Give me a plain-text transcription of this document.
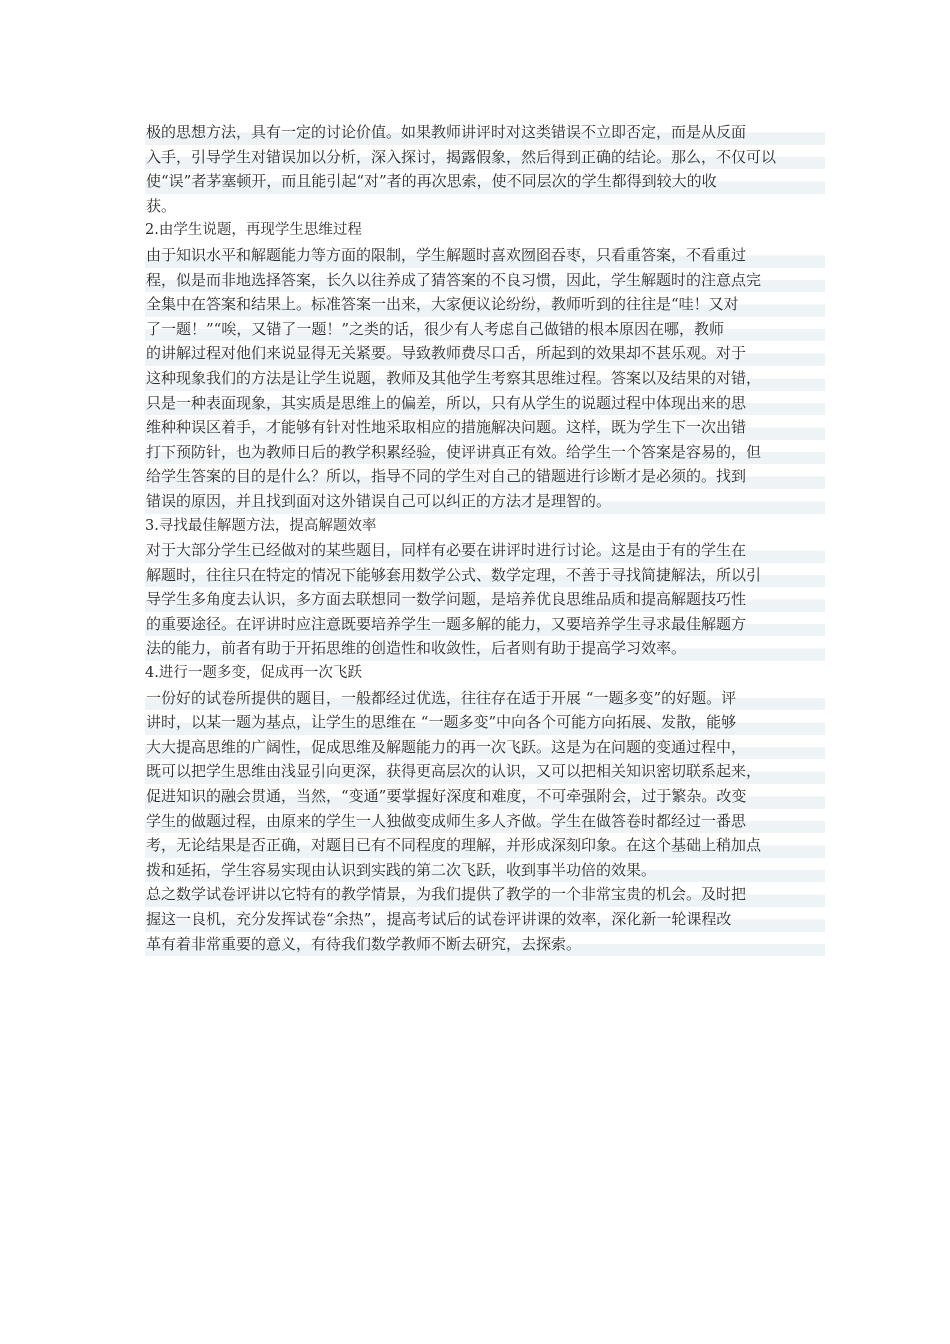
极的思想方法，具有一定的讨论价值。如果教师讲评时对这类错误不立即否定，而是从反面
入手，引导学生对错误加以分析，深入探讨，揭露假象，然后得到正确的结论。那么，不仅可以
使“误”者茅塞顿开，而且能引起“对”者的再次思索，使不同层次的学生都得到较大的收
获。
2.由学生说题，再现学生思维过程
由于知识水平和解题能力等方面的限制，学生解题时喜欢囫囵吞枣，只看重答案，不看重过
程，似是而非地选择答案，长久以往养成了猜答案的不良习惯，因此，学生解题时的注意点完
全集中在答案和结果上。标准答案一出来，大家便议论纷纷，教师听到的往往是“哇！又对
了一题！”“唉，又错了一题！”之类的话，很少有人考虑自己做错的根本原因在哪，教师
的讲解过程对他们来说显得无关紧要。导致教师费尽口舌，所起到的效果却不甚乐观。对于
这种现象我们的方法是让学生说题，教师及其他学生考察其思维过程。答案以及结果的对错，
只是一种表面现象，其实质是思维上的偏差，所以，只有从学生的说题过程中体现出来的思
维种种误区着手，才能够有针对性地采取相应的措施解决问题。这样，既为学生下一次出错
打下预防针，也为教师日后的教学积累经验，使评讲真正有效。给学生一个答案是容易的，但
给学生答案的目的是什么？所以，指导不同的学生对自己的错题进行诊断才是必须的。找到
错误的原因，并且找到面对这外错误自己可以纠正的方法才是理智的。
3.寻找最佳解题方法，提高解题效率
对于大部分学生已经做对的某些题目，同样有必要在讲评时进行讨论。这是由于有的学生在
解题时，往往只在特定的情况下能够套用数学公式、数学定理，不善于寻找简捷解法，所以引
导学生多角度去认识，多方面去联想同一数学问题，是培养优良思维品质和提高解题技巧性
的重要途径。在评讲时应注意既要培养学生一题多解的能力，又要培养学生寻求最佳解题方
法的能力，前者有助于开拓思维的创造性和收敛性，后者则有助于提高学习效率。
4.进行一题多变，促成再一次飞跃
一份好的试卷所提供的题目，一般都经过优选，往往存在适于开展 “一题多变”的好题。评
讲时，以某一题为基点，让学生的思维在 “一题多变”中向各个可能方向拓展、发散，能够
大大提高思维的广阔性，促成思维及解题能力的再一次飞跃。这是为在问题的变通过程中，
既可以把学生思维由浅显引向更深，获得更高层次的认识，又可以把相关知识密切联系起来，
促进知识的融会贯通，当然，“变通”要掌握好深度和难度，不可牵强附会，过于繁杂。改变
学生的做题过程，由原来的学生一人独做变成师生多人齐做。学生在做答卷时都经过一番思
考，无论结果是否正确，对题目已有不同程度的理解，并形成深刻印象。在这个基础上稍加点
拨和延拓，学生容易实现由认识到实践的第二次飞跃，收到事半功倍的效果。
总之数学试卷评讲以它特有的教学情景，为我们提供了教学的一个非常宝贵的机会。及时把
握这一良机，充分发挥试卷“余热”，提高考试后的试卷评讲课的效率，深化新一轮课程改
革有着非常重要的意义，有待我们数学教师不断去研究，去探索。
